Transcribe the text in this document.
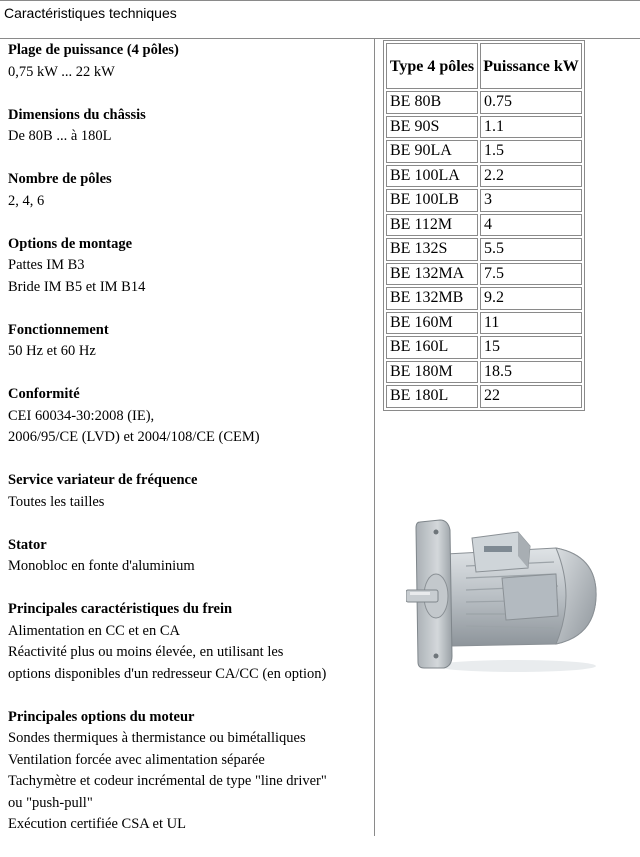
Caractéristiques techniques
Plage de puissance (4 pôles)
0,75 kW ... 22 kW
Dimensions du châssis
De 80B ... à 180L
Nombre de pôles
2, 4, 6
Options de montage
Pattes IM B3
Bride IM B5 et IM B14
Fonctionnement
50 Hz et 60 Hz
Conformité
CEI 60034-30:2008 (IE),
2006/95/CE (LVD) et 2004/108/CE (CEM)
Service variateur de fréquence
Toutes les tailles
Stator
Monobloc en fonte d'aluminium
Principales caractéristiques du frein
Alimentation en CC et en CA
Réactivité plus ou moins élevée, en utilisant les
options disponibles d'un redresseur CA/CC (en option)
Principales options du moteur
Sondes thermiques à thermistance ou bimétalliques
Ventilation forcée avec alimentation séparée
Tachymètre et codeur incrémental de type "line driver"
ou "push-pull"
Exécution certifiée CSA et UL
Type 4 pôles	Puissance kW
BE 80B	0.75
BE 90S	1.1
BE 90LA	1.5
BE 100LA	2.2
BE 100LB	3
BE 112M	4
BE 132S	5.5
BE 132MA	7.5
BE 132MB	9.2
BE 160M	11
BE 160L	15
BE 180M	18.5
BE 180L	22
